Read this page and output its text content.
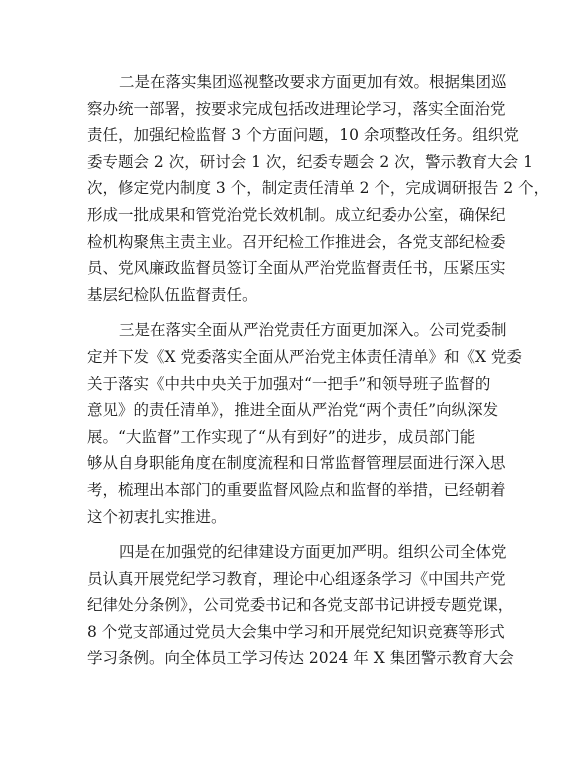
二是在落实集团巡视整改要求方面更加有效。根据集团巡
察办统一部署，按要求完成包括改进理论学习，落实全面治党
责任，加强纪检监督 3 个方面问题，10 余项整改任务。组织党
委专题会 2 次，研讨会 1 次，纪委专题会 2 次，警示教育大会 1
次，修定党内制度 3 个，制定责任清单 2 个，完成调研报告 2 个，
形成一批成果和管党治党长效机制。成立纪委办公室，确保纪
检机构聚焦主责主业。召开纪检工作推进会，各党支部纪检委
员、党风廉政监督员签订全面从严治党监督责任书，压紧压实
基层纪检队伍监督责任。
三是在落实全面从严治党责任方面更加深入。公司党委制
定并下发《X 党委落实全面从严治党主体责任清单》和《X 党委
关于落实《中共中央关于加强对“一把手”和领导班子监督的
意见》的责任清单》，推进全面从严治党“两个责任”向纵深发
展。“大监督”工作实现了“从有到好”的进步，成员部门能
够从自身职能角度在制度流程和日常监督管理层面进行深入思
考，梳理出本部门的重要监督风险点和监督的举措，已经朝着
这个初衷扎实推进。
四是在加强党的纪律建设方面更加严明。组织公司全体党
员认真开展党纪学习教育，理论中心组逐条学习《中国共产党
纪律处分条例》，公司党委书记和各党支部书记讲授专题党课，
8 个党支部通过党员大会集中学习和开展党纪知识竞赛等形式
学习条例。向全体员工学习传达 2024 年 X 集团警示教育大会
